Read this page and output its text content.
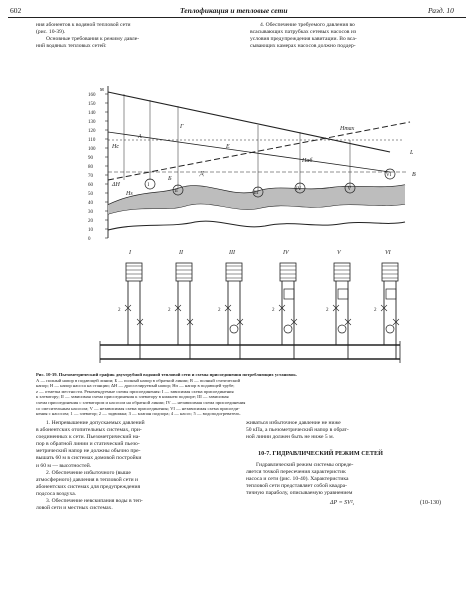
602	Теплофикация и тепловые сети	Разд. 10

ния абонентов к водяной тепловой сети

(рис. 10-39).

Основные требования к режиму давле-

ний водяных тепловых сетей:

4. Обеспечение требуемого давления во

всасывающих патрубках сетевых насосов из

условия предупреждения кавитации. Во вса-

сывающих камерах насосов должно поддер-

м
160
150
140
130
120
110
100
90
80
70
60
50
40
30
20
10
0
А
Г
Hс
ΔH
Hs
Б
Д
Е
Hmax
Hаб
В
L
I
II	III
IV	V
VI
I
2
II
2
III
2
IV
2
V
2
VI
2
Рис. 10-39. Пьезометрический график двухтрубной водяной тепловой сети и схемы присоединения потребляющих установок.
А — полный напор в подающей линии; Б — полный напор в обратной линии; В — полный статический
напор; H — напор насоса на станции; ΔH — дросселируемый напор; Hп — напор в подающей трубе;
z — отметка местности. Рекомендуемые схемы присоединения: I — зависимая схема присоединения
к элеватору; II — зависимая схема присоединения к элеватору в нижнем подпоре; III — зависимая
схема присоединения с элеватором и насосом на обратной линии; IV — независимая схема присоединения
со смесительным насосом; V — независимая схема присоединения; VI — независимая схема присоеди-
нения с насосом; 1 — элеватор; 2 — задвижка; 3 — клапан подпора; 4 — насос; 5 — водоподогреватель.

1. Непревышение допускаемых давлений

в абонентских отопительных системах, при-

соединенных к сети. Пьезометрический на-

пор в обратной линии и статический пьезо-

метрический напор не должны обычно пре-

вышать 60 м в системах домовой постройки

и 60 м — высотностей.

2. Обеспечение избыточного (выше

атмосферного) давления в тепловой сети и

абонентских системах для предупреждения

подсоса воздуха.

3. Обеспечение невскипания воды в теп-

ловой сети и местных системах.

живаться избыточное давление не ниже

50 кПа, а пьезометрический напор в обрат-

ной линии должен быть не ниже 5 м.

10-7. ГИДРАВЛИЧЕСКИЙ РЕЖИМ СЕТЕЙ

Гидравлический режим системы опреде-

ляется точкой пересечения характеристик

насоса и сети (рис. 10-40). Характеристика

тепловой сети представляет собой квадра-

тичную параболу, описываемую уравнением

ΔP = SV²,	(10-130)
